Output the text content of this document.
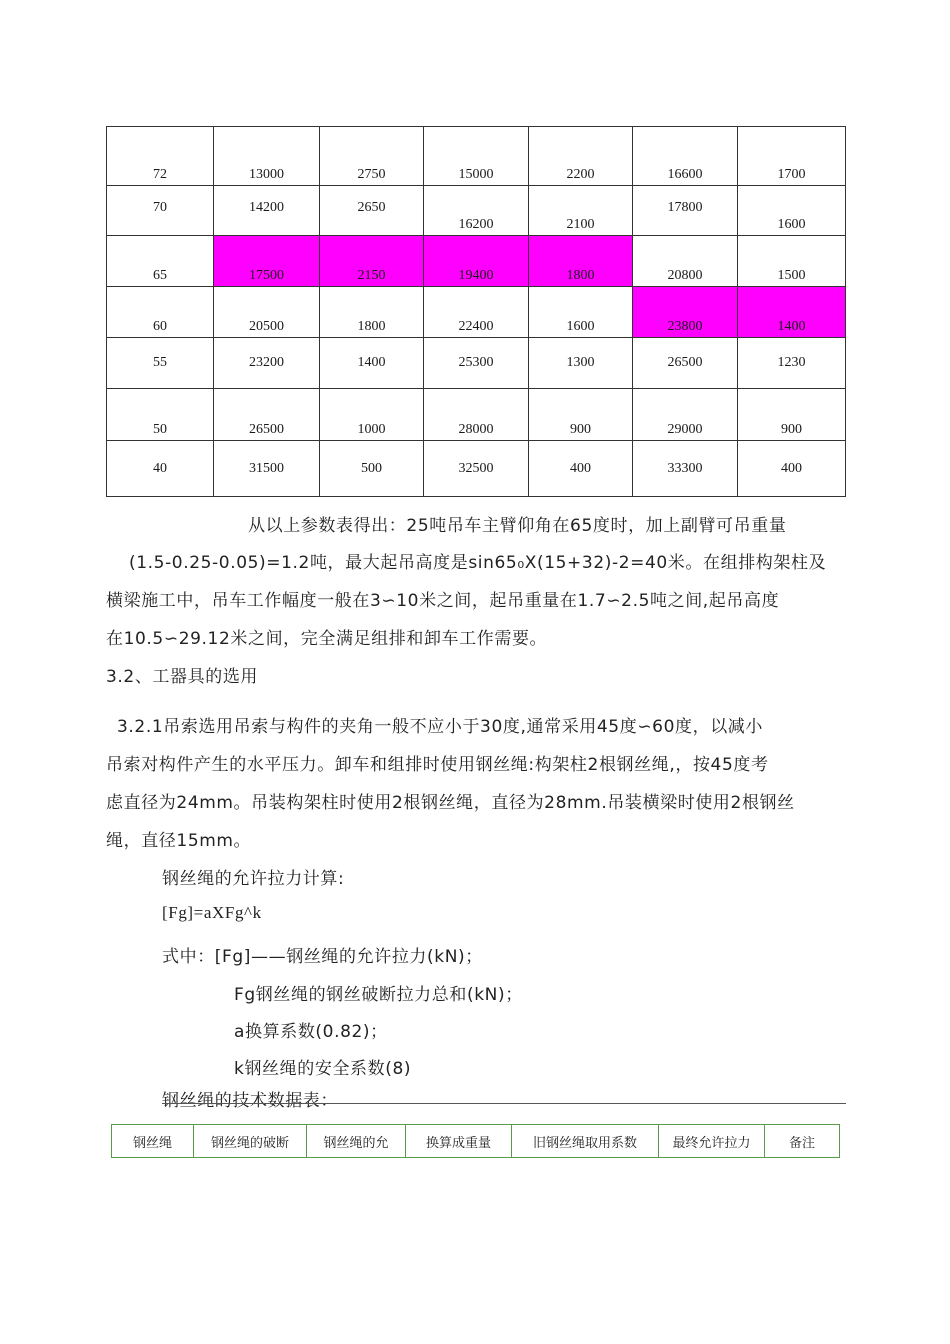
72	13000	2750	15000	2200	16600	1700

70	14200	2650	16200	2100	17800	1600

65	17500	2150	19400	1800	20800	1500

60	20500	1800	22400	1600	23800	1400

55	23200	1400	25300	1300	26500	1230

50	26500	1000	28000	900	29000	900

40	31500	500	32500	400	33300	400
从以上参数表得出：25吨吊车主臂仰角在65度时，加上副臂可吊重量
(1.5-0.25-0.05)=1.2吨，最大起吊高度是sin65₀X(15+32)-2=40米。在组排构架柱及
横梁施工中，吊车工作幅度一般在3∽10米之间，起吊重量在1.7∽2.5吨之间,起吊高度
在10.5∽29.12米之间，完全满足组排和卸车工作需要。
3.2、工器具的选用
3.2.1吊索选用吊索与构件的夹角一般不应小于30度,通常采用45度∽60度，以减小
吊索对构件产生的水平压力。卸车和组排时使用钢丝绳:构架柱2根钢丝绳,，按45度考
虑直径为24mm。吊装构架柱时使用2根钢丝绳，直径为28mm.吊装横梁时使用2根钢丝
绳，直径15mm。
钢丝绳的允许拉力计算:
[Fg]=aXFg^k
式中：[Fg]——钢丝绳的允许拉力(kN)；
Fg钢丝绳的钢丝破断拉力总和(kN)；
a换算系数(0.82)；
k钢丝绳的安全系数(8)
钢丝绳的技术数据表：
钢丝绳	钢丝绳的破断	钢丝绳的允	换算成重量	旧钢丝绳取用系数	最终允许拉力	备注
